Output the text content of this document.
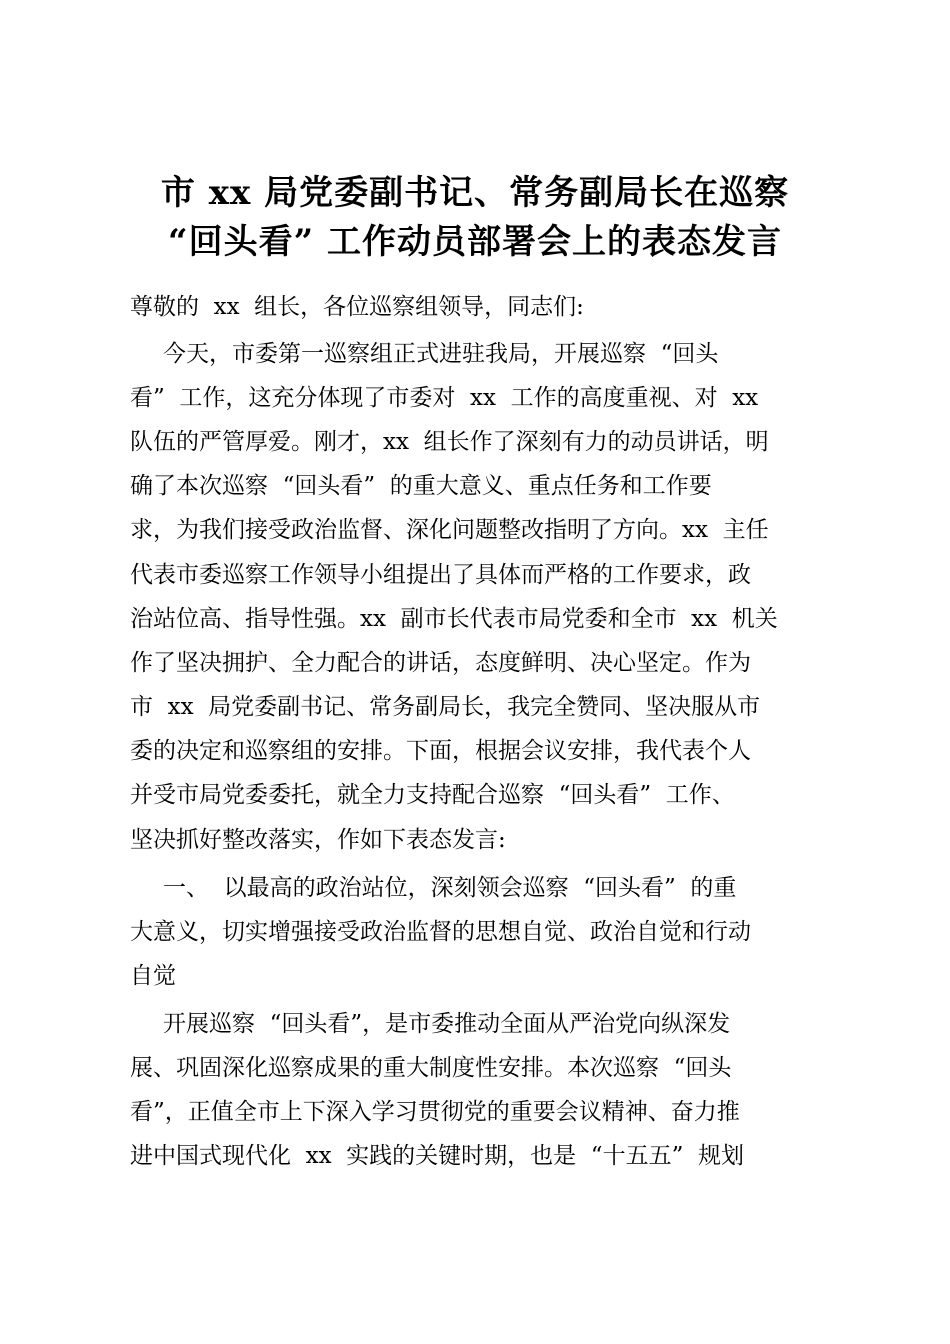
市 xx 局党委副书记、常务副局长在巡察
“回头看” 工作动员部署会上的表态发言
尊敬的  xx  组长，各位巡察组领导，同志们:
今天，市委第一巡察组正式进驻我局，开展巡察  “回头
看”  工作，这充分体现了市委对  xx  工作的高度重视、对  xx
队伍的严管厚爱。刚才，xx  组长作了深刻有力的动员讲话，明
确了本次巡察  “回头看”  的重大意义、重点任务和工作要
求，为我们接受政治监督、深化问题整改指明了方向。xx  主任
代表市委巡察工作领导小组提出了具体而严格的工作要求，政
治站位高、指导性强。xx  副市长代表市局党委和全市  xx  机关
作了坚决拥护、全力配合的讲话，态度鲜明、决心坚定。作为
市  xx  局党委副书记、常务副局长，我完全赞同、坚决服从市
委的决定和巡察组的安排。下面，根据会议安排，我代表个人
并受市局党委委托，就全力支持配合巡察  “回头看”  工作、
坚决抓好整改落实，作如下表态发言:
一、  以最高的政治站位，深刻领会巡察  “回头看”  的重
大意义，切实增强接受政治监督的思想自觉、政治自觉和行动
自觉
开展巡察  “回头看”，是市委推动全面从严治党向纵深发
展、巩固深化巡察成果的重大制度性安排。本次巡察  “回头
看”，正值全市上下深入学习贯彻党的重要会议精神、奋力推
进中国式现代化  xx  实践的关键时期，也是  “十五五”  规划
